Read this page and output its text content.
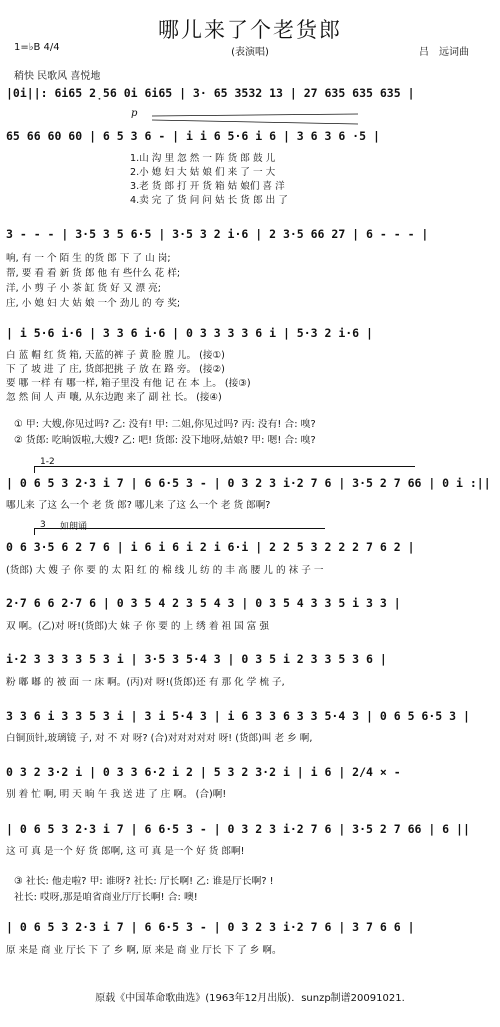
哪儿来了个老货郎
1=♭B 4/4	(表演唱)	吕　远词曲
稍快 民歌风 喜悦地
|0i||: 6i65 2̣56 0i 6i65 | 3· 65 3532 13 | 27 635 635 635 |
p
65 66 60 60 | 6 5 3 6 - | i i 6 5·6 i 6 | 3 6 3 6 ·5 |
1.山 沟 里 忽 然 一 阵 货 郎 鼓 儿
2.小 媳 妇 大 姑 娘 们 来 了 一 大
3.老 货 郎 打 开 货 箱 姑 娘们 喜 洋
4.卖 完 了 货 问 问 姑 长 货 郎 出 了
3 - - - | 3·5 3 5 6·5 | 3·5 3 2 i·6 | 2 3·5 66 27 | 6 - - - |
响, 有 一 个 陌 生 的货 郎 下 了 山 岗;
帮, 要 看 看 新 货 郎 他 有 些什么 花 样;
洋, 小 剪 子 小 茶 缸 货 好 又 漂 亮;
庄, 小 媳 妇 大 姑 娘 一个 劲儿 的 夸 奖;
| i 5·6 i·6 | 3 3 6 i·6 | 0 3 3 3 3 6 i | 5·3 2 i·6 |
白 蓝 帽 红 货 箱, 天蓝的裤 子 黄 脸 膛 儿。 (接①)
下 了 坡 进 了 庄, 货郎把挑 子 放 在 路 旁。 (接②)
要 哪 一样 有 哪一样, 箱子里没 有他 记 在 本 上。 (接③)
忽 然 间 人 声 嚷, 从东边跑 来了 副 社 长。 (接④)
① 甲: 大嫂,你见过吗? 乙: 没有! 甲: 二姐,你见过吗? 丙: 没有! 合: 嗅?
② 货郎: 吃晌饭啦,大嫂? 乙: 吧! 货郎: 没下地呀,姑娘? 甲: 嗯! 合: 嗅?
1-2
| 0 6 5 3 2·3 i 7 | 6 6·5 3 - | 0 3 2 3 i·2 7 6 | 3·5 2 7 66 | 0 i :||
哪儿来 了这 么一个 老 货 郎? 哪儿来 了这 么一个 老 货 郎啊?
3 如朗诵
0 6 3·5 6 2 7 6 | i 6 i 6 i 2 i 6·i | 2 2 5 3 2 2 2 7 6 2 |
(货郎) 大 嫂 子 你 要 的 太 阳 红 的 棉 线 儿 纺 的 丰 高 腰 儿 的 袜 子 一
2·7 6 6 2·7 6 | 0 3 5 4 2 3 5 4 3 | 0 3 5 4 3 3 5 i 3 3 |
双 啊。(乙)对 呀!(货郎)大 妹 子 你 要 的 上 绣 着 祖 国 富 强
i·2 3 3 3 3 5 3 i | 3·5 3 5·4 3 | 0 3 5 i 2 3 3 5 3 6 |
粉 嘟 嘟 的 被 面 一 床 啊。(丙)对 呀!(货郎)还 有 那 化 学 梳 子,
3 3 6 i 3 3 5 3 i | 3 i 5·4 3 | i 6 3 3 6 3 3 5·4 3 | 0 6 5 6·5 3 |
白铜顶针,玻璃镜 子, 对 不 对 呀? (合)对对对对对 呀! (货郎)叫 老 乡 啊,
0 3 2 3·2 i | 0 3 3 6·2 i 2 | 5 3 2 3·2 i | i 6 | 2/4 × -
别 着 忙 啊, 明 天 晌 午 我 送 进 了 庄 啊。 (合)啊!
| 0 6 5 3 2·3 i 7 | 6 6·5 3 - | 0 3 2 3 i·2 7 6 | 3·5 2 7 66 | 6 ||
这 可 真 是一个 好 货 郎啊, 这 可 真 是一个 好 货 郎啊!
③ 社长: 他走啦? 甲: 谁呀? 社长: 厅长啊! 乙: 谁是厅长啊? !
社长: 哎呀,那是咱省商业厅厅长啊! 合: 噢!
| 0 6 5 3 2·3 i 7 | 6 6·5 3 - | 0 3 2 3 i·2 7 6 | 3 7 6 6 |
原 来是 商 业 厅长 下 了 乡 啊, 原 来是 商 业 厅长 下 了 乡 啊。
原载《中国革命歌曲选》(1963年12月出版)．sunzp制谱20091021.
